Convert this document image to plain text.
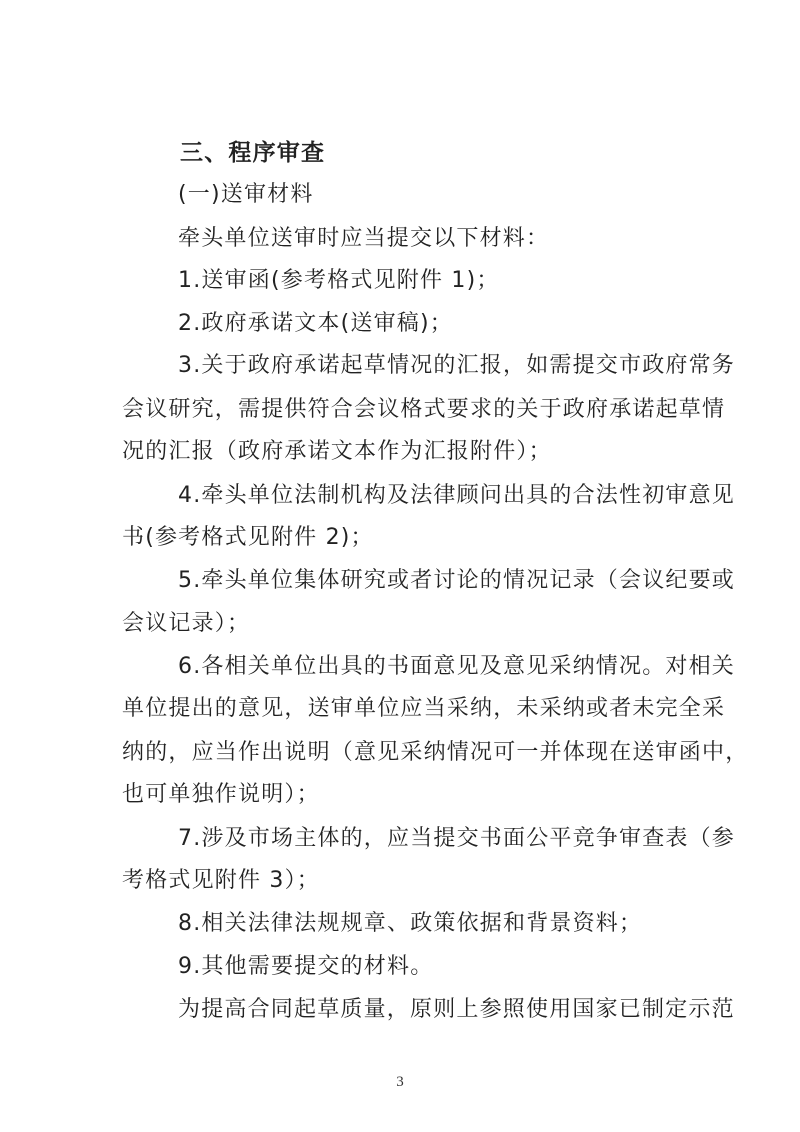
三、程序审查
(一)送审材料
牵头单位送审时应当提交以下材料：
1.送审函(参考格式见附件 1)；
2.政府承诺文本(送审稿)；
3.关于政府承诺起草情况的汇报，如需提交市政府常务
会议研究，需提供符合会议格式要求的关于政府承诺起草情
况的汇报（政府承诺文本作为汇报附件）；
4.牵头单位法制机构及法律顾问出具的合法性初审意见
书(参考格式见附件 2)；
5.牵头单位集体研究或者讨论的情况记录（会议纪要或
会议记录）；
6.各相关单位出具的书面意见及意见采纳情况。对相关
单位提出的意见，送审单位应当采纳，未采纳或者未完全采
纳的，应当作出说明（意见采纳情况可一并体现在送审函中，
也可单独作说明）；
7.涉及市场主体的，应当提交书面公平竞争审查表（参
考格式见附件 3）；
8.相关法律法规规章、政策依据和背景资料；
9.其他需要提交的材料。
为提高合同起草质量，原则上参照使用国家已制定示范
3
